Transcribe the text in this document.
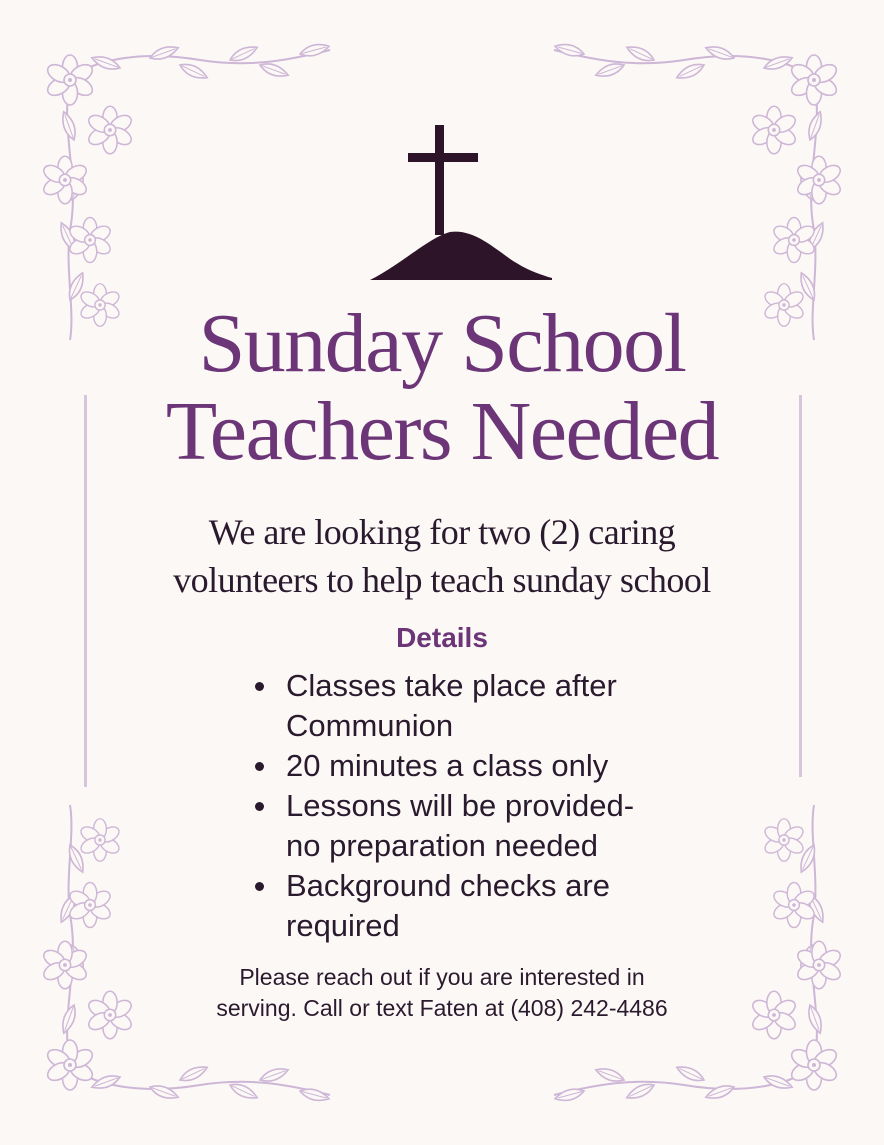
Sunday School
Teachers Needed
We are looking for two (2) caring
volunteers to help teach sunday school
Details
Classes take place after
Communion
20 minutes a class only
Lessons will be provided-
no preparation needed
Background checks are
required
Please reach out if you are interested in
serving. Call or text Faten at (408) 242-4486
